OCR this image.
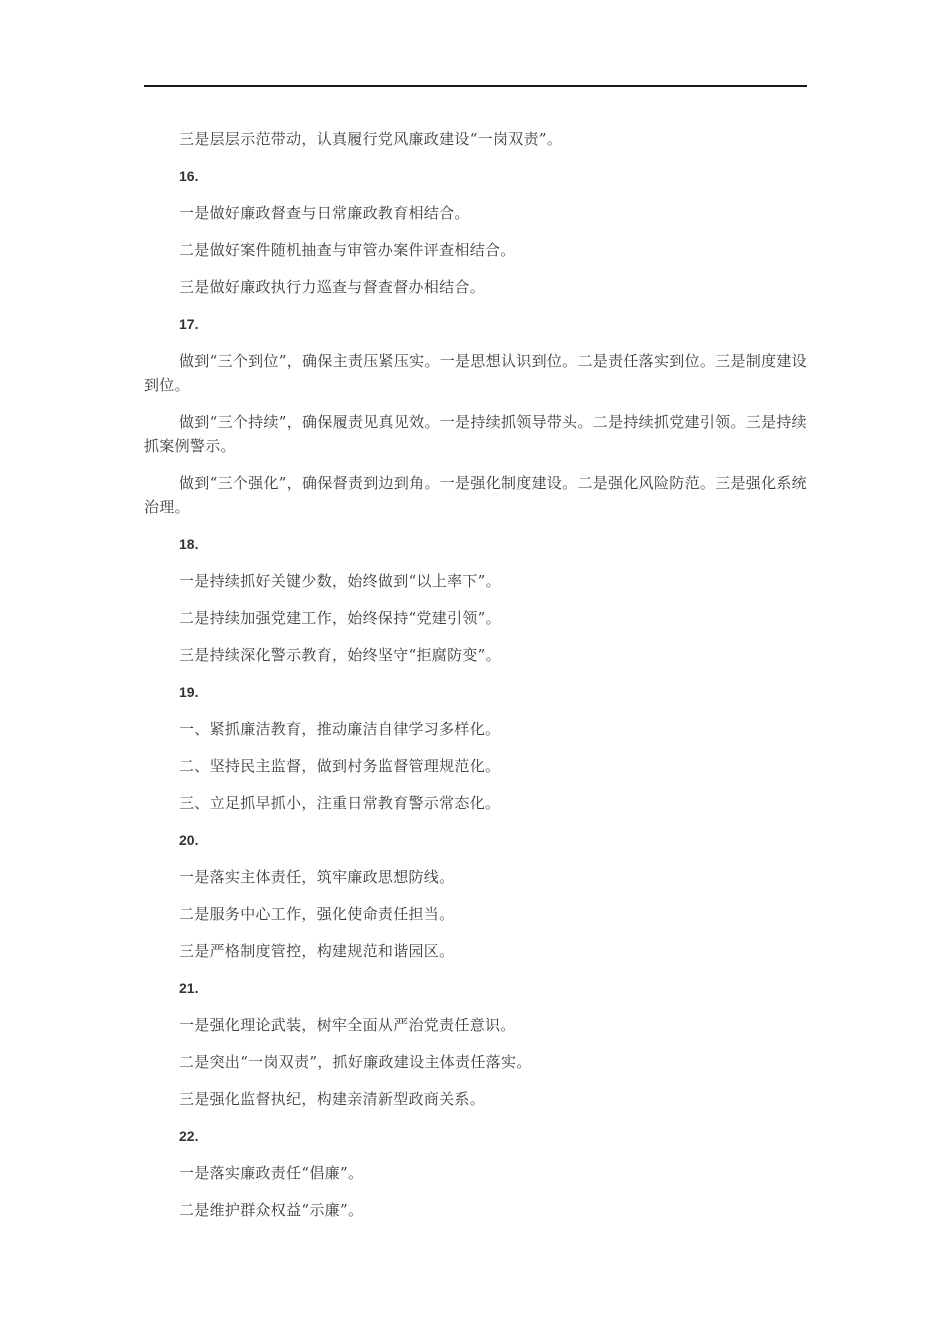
三是层层示范带动，认真履行党风廉政建设“一岗双责”。
16.
一是做好廉政督查与日常廉政教育相结合。
二是做好案件随机抽查与审管办案件评查相结合。
三是做好廉政执行力巡查与督查督办相结合。
17.
做到“三个到位”，确保主责压紧压实。一是思想认识到位。二是责任落实到位。三是制度建设到位。
做到“三个持续”，确保履责见真见效。一是持续抓领导带头。二是持续抓党建引领。三是持续抓案例警示。
做到“三个强化”，确保督责到边到角。一是强化制度建设。二是强化风险防范。三是强化系统治理。
18.
一是持续抓好关键少数，始终做到“以上率下”。
二是持续加强党建工作，始终保持“党建引领”。
三是持续深化警示教育，始终坚守“拒腐防变”。
19.
一、紧抓廉洁教育，推动廉洁自律学习多样化。
二、坚持民主监督，做到村务监督管理规范化。
三、立足抓早抓小，注重日常教育警示常态化。
20.
一是落实主体责任，筑牢廉政思想防线。
二是服务中心工作，强化使命责任担当。
三是严格制度管控，构建规范和谐园区。
21.
一是强化理论武装，树牢全面从严治党责任意识。
二是突出“一岗双责”，抓好廉政建设主体责任落实。
三是强化监督执纪，构建亲清新型政商关系。
22.
一是落实廉政责任“倡廉”。
二是维护群众权益“示廉”。
